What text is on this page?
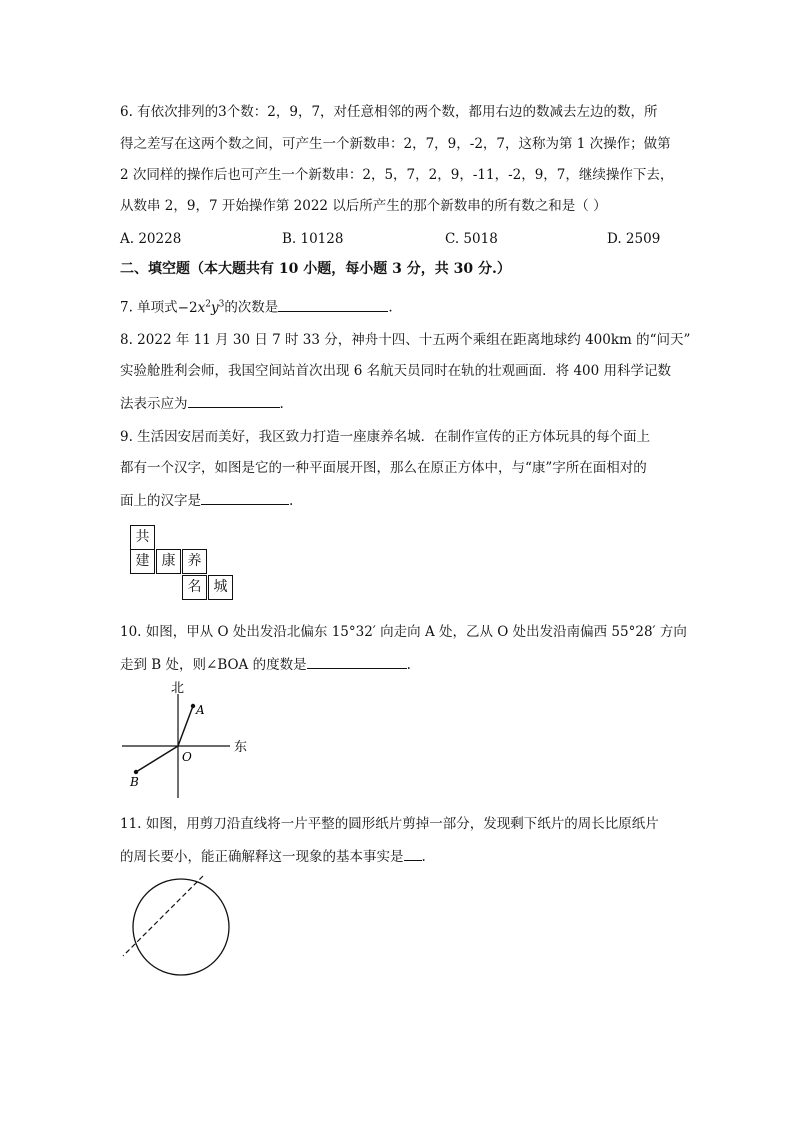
6. 有依次排列的3个数：2，9，7，对任意相邻的两个数，都用右边的数减去左边的数，所
得之差写在这两个数之间，可产生一个新数串：2，7，9，-2，7，这称为第 1 次操作；做第
2 次同样的操作后也可产生一个新数串：2，5，7，2，9，-11，-2，9，7，继续操作下去，
从数串 2，9，7 开始操作第 2022 以后所产生的那个新数串的所有数之和是（ ）
A. 20228	B. 10128	C. 5018	D. 2509
二、填空题（本大题共有 10 小题，每小题 3 分，共 30 分.）
7. 单项式$-2x^2y^3$的次数是	.
8. 2022 年 11 月 30 日 7 时 33 分，神舟十四、十五两个乘组在距离地球约 400km 的“问天”
实验舱胜利会师，我国空间站首次出现 6 名航天员同时在轨的壮观画面．将 400 用科学记数
法表示应为	.
9. 生活因安居而美好，我区致力打造一座康养名城．在制作宣传的正方体玩具的每个面上
都有一个汉字，如图是它的一种平面展开图，那么在原正方体中，与“康”字所在面相对的
面上的汉字是	.
共
建 康 养
名 城
10. 如图，甲从 O 处出发沿北偏东 15°32′ 向走向 A 处，乙从 O 处出发沿南偏西 55°28′ 方向
走到 B 处，则∠BOA 的度数是	.
北
东
A
O
B
11. 如图，用剪刀沿直线将一片平整的圆形纸片剪掉一部分，发现剩下纸片的周长比原纸片
的周长要小，能正确解释这一现象的基本事实是 .
